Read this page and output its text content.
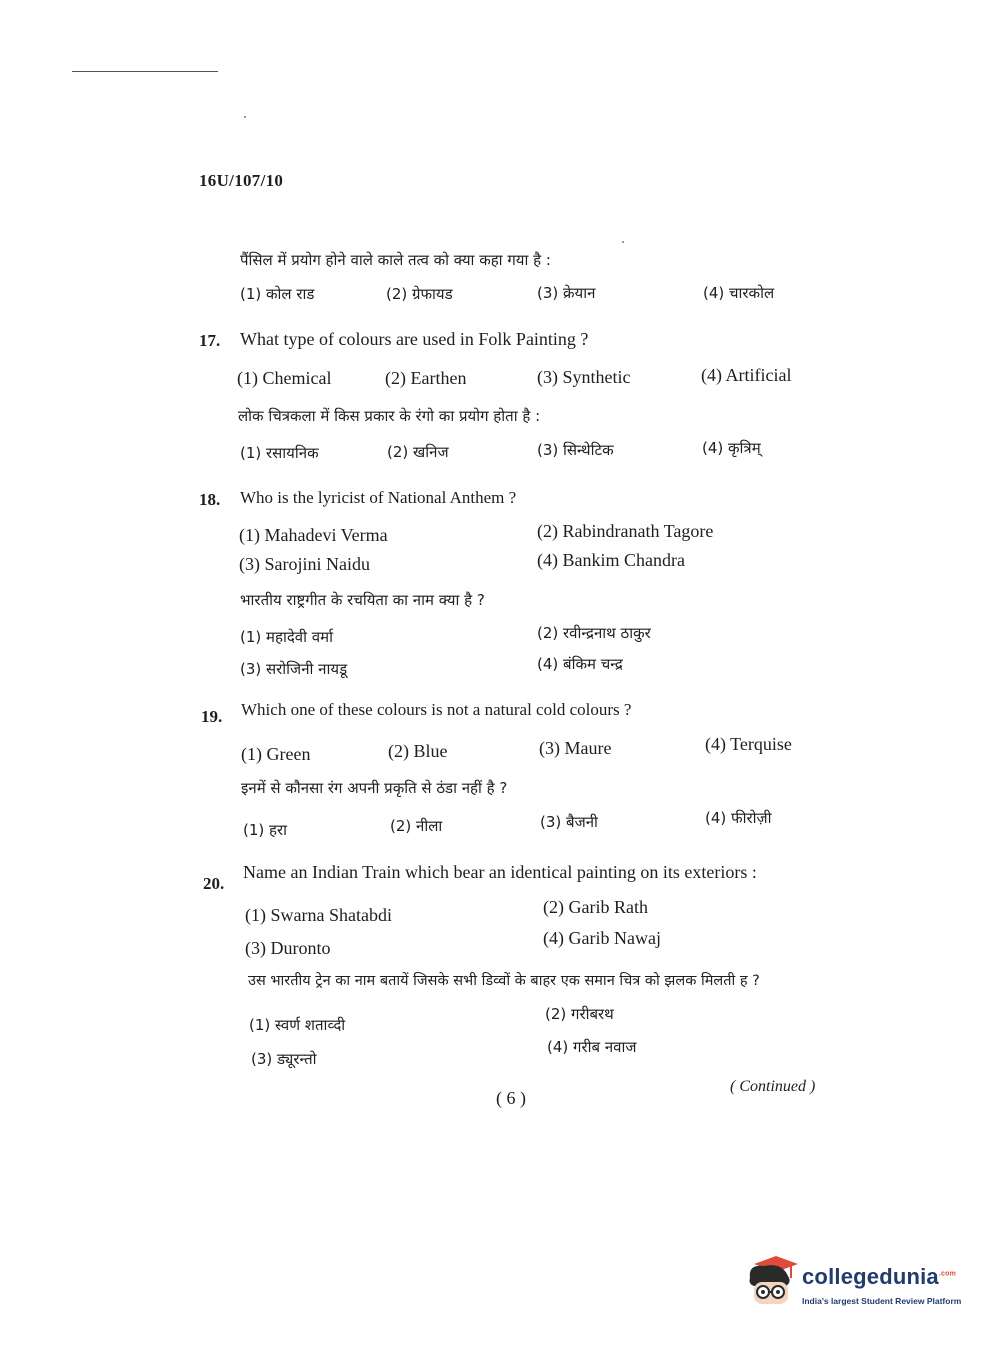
16U/107/10
पैंसिल में प्रयोग होने वाले काले तत्व को क्या कहा गया है :
(1) कोल राड	(2) ग्रेफायड	(3) क्रेयान	(4) चारकोल
17. What type of colours are used in Folk Painting ?
(1) Chemical	(2) Earthen	(3) Synthetic	(4) Artificial
लोक चित्रकला में किस प्रकार के रंगो का प्रयोग होता है :
(1) रसायनिक	(2) खनिज	(3) सिन्थेटिक	(4) कृत्रिम्
18. Who is the lyricist of National Anthem ?
(1) Mahadevi Verma	(2) Rabindranath Tagore
(3) Sarojini Naidu	(4) Bankim Chandra
भारतीय राष्ट्रगीत के रचयिता का नाम क्या है ?
(1) महादेवी वर्मा	(2) रवीन्द्रनाथ ठाकुर
(3) सरोजिनी नायडू	(4) बंकिम चन्द्र
19. Which one of these colours is not a natural cold colours ?
(1) Green	(2) Blue	(3) Maure	(4) Terquise
इनमें से कौनसा रंग अपनी प्रकृति से ठंडा नहीं है ?
(1) हरा	(2) नीला	(3) बैजनी	(4) फीरोज़ी
20.
Name an Indian Train which bear an identical painting on its exteriors :
(1) Swarna Shatabdi	(2) Garib Rath
(3) Duronto	(4) Garib Nawaj
उस भारतीय ट्रेन का नाम बतायें जिसके सभी डिव्वों के बाहर एक समान चित्र को झलक मिलती ह ?
(1) स्वर्ण शताव्दी
(2) गरीबरथ
(3) ड्यूरन्तो
(4) गरीब नवाज
( 6 )
( Continued )
collegedunia$^{.com}$
India's largest Student Review Platform
